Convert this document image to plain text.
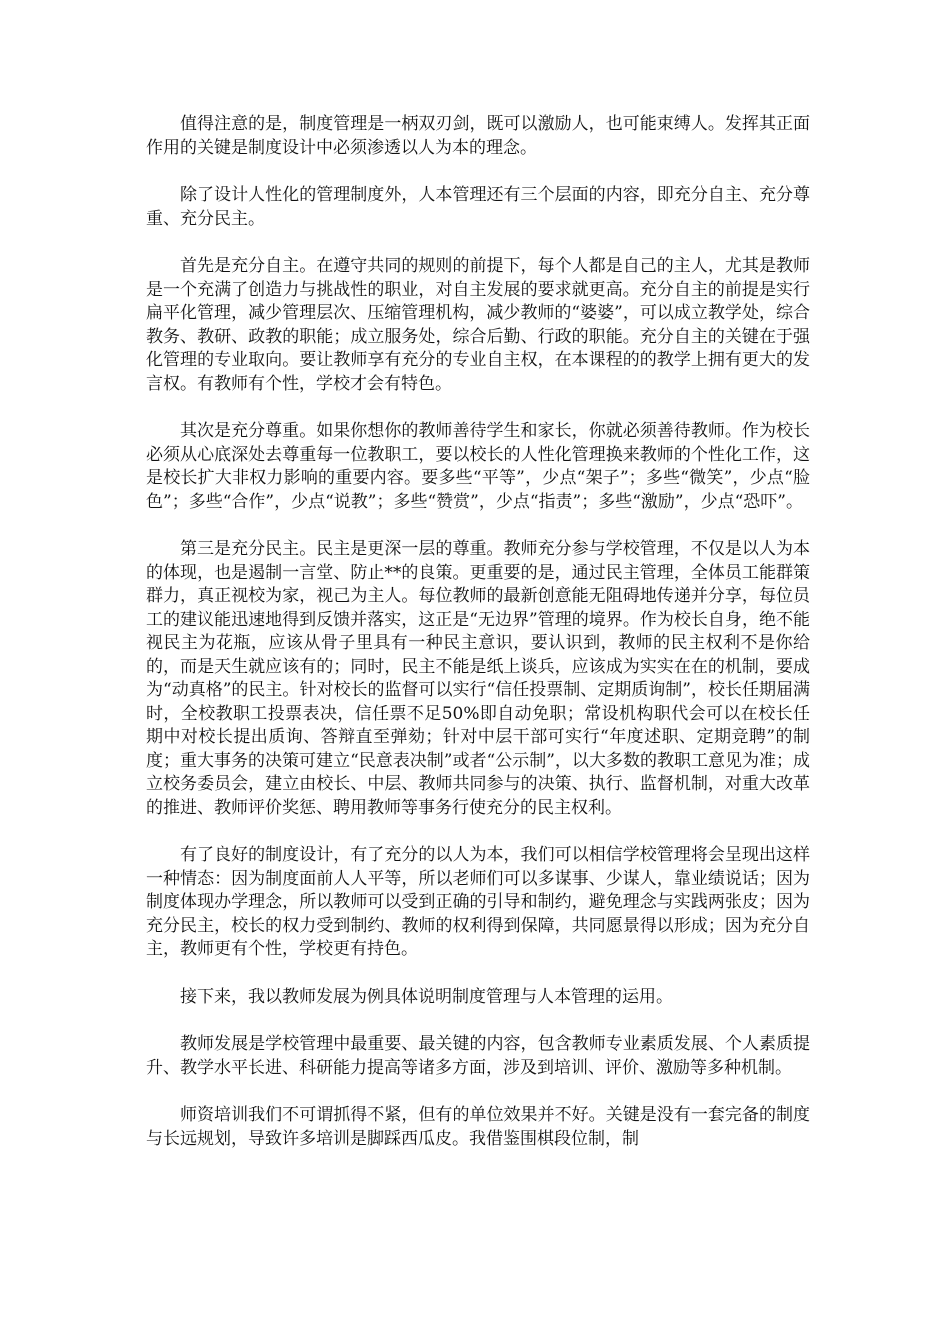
值得注意的是，制度管理是一柄双刃剑，既可以激励人，也可能束缚人。发挥其正面作用的关键是制度设计中必须渗透以人为本的理念。

除了设计人性化的管理制度外，人本管理还有三个层面的内容，即充分自主、充分尊重、充分民主。

首先是充分自主。在遵守共同的规则的前提下，每个人都是自己的主人，尤其是教师是一个充满了创造力与挑战性的职业，对自主发展的要求就更高。充分自主的前提是实行扁平化管理，减少管理层次、压缩管理机构，减少教师的“婆婆”，可以成立教学处，综合教务、教研、政教的职能；成立服务处，综合后勤、行政的职能。充分自主的关键在于强化管理的专业取向。要让教师享有充分的专业自主权，在本课程的的教学上拥有更大的发言权。有教师有个性，学校才会有特色。

其次是充分尊重。如果你想你的教师善待学生和家长，你就必须善待教师。作为校长必须从心底深处去尊重每一位教职工，要以校长的人性化管理换来教师的个性化工作，这是校长扩大非权力影响的重要内容。要多些“平等”，少点“架子”；多些“微笑”，少点“脸色”；多些“合作”，少点“说教”；多些“赞赏”，少点“指责”；多些“激励”，少点“恐吓”。

第三是充分民主。民主是更深一层的尊重。教师充分参与学校管理，不仅是以人为本的体现，也是遏制一言堂、防止**的良策。更重要的是，通过民主管理，全体员工能群策群力，真正视校为家，视己为主人。每位教师的最新创意能无阻碍地传递并分享，每位员工的建议能迅速地得到反馈并落实，这正是“无边界”管理的境界。作为校长自身，绝不能视民主为花瓶，应该从骨子里具有一种民主意识，要认识到，教师的民主权利不是你给的，而是天生就应该有的；同时，民主不能是纸上谈兵，应该成为实实在在的机制，要成为“动真格”的民主。针对校长的监督可以实行“信任投票制、定期质询制”，校长任期届满时，全校教职工投票表决，信任票不足50%即自动免职；常设机构职代会可以在校长任期中对校长提出质询、答辩直至弹劾；针对中层干部可实行“年度述职、定期竞聘”的制度；重大事务的决策可建立“民意表决制”或者“公示制”，以大多数的教职工意见为准；成立校务委员会，建立由校长、中层、教师共同参与的决策、执行、监督机制，对重大改革的推进、教师评价奖惩、聘用教师等事务行使充分的民主权利。

有了良好的制度设计，有了充分的以人为本，我们可以相信学校管理将会呈现出这样一种情态：因为制度面前人人平等，所以老师们可以多谋事、少谋人，靠业绩说话；因为制度体现办学理念，所以教师可以受到正确的引导和制约，避免理念与实践两张皮；因为充分民主，校长的权力受到制约、教师的权利得到保障，共同愿景得以形成；因为充分自主，教师更有个性，学校更有持色。

接下来，我以教师发展为例具体说明制度管理与人本管理的运用。

教师发展是学校管理中最重要、最关键的内容，包含教师专业素质发展、个人素质提升、教学水平长进、科研能力提高等诸多方面，涉及到培训、评价、激励等多种机制。

师资培训我们不可谓抓得不紧，但有的单位效果并不好。关键是没有一套完备的制度与长远规划，导致许多培训是脚踩西瓜皮。我借鉴围棋段位制，制
